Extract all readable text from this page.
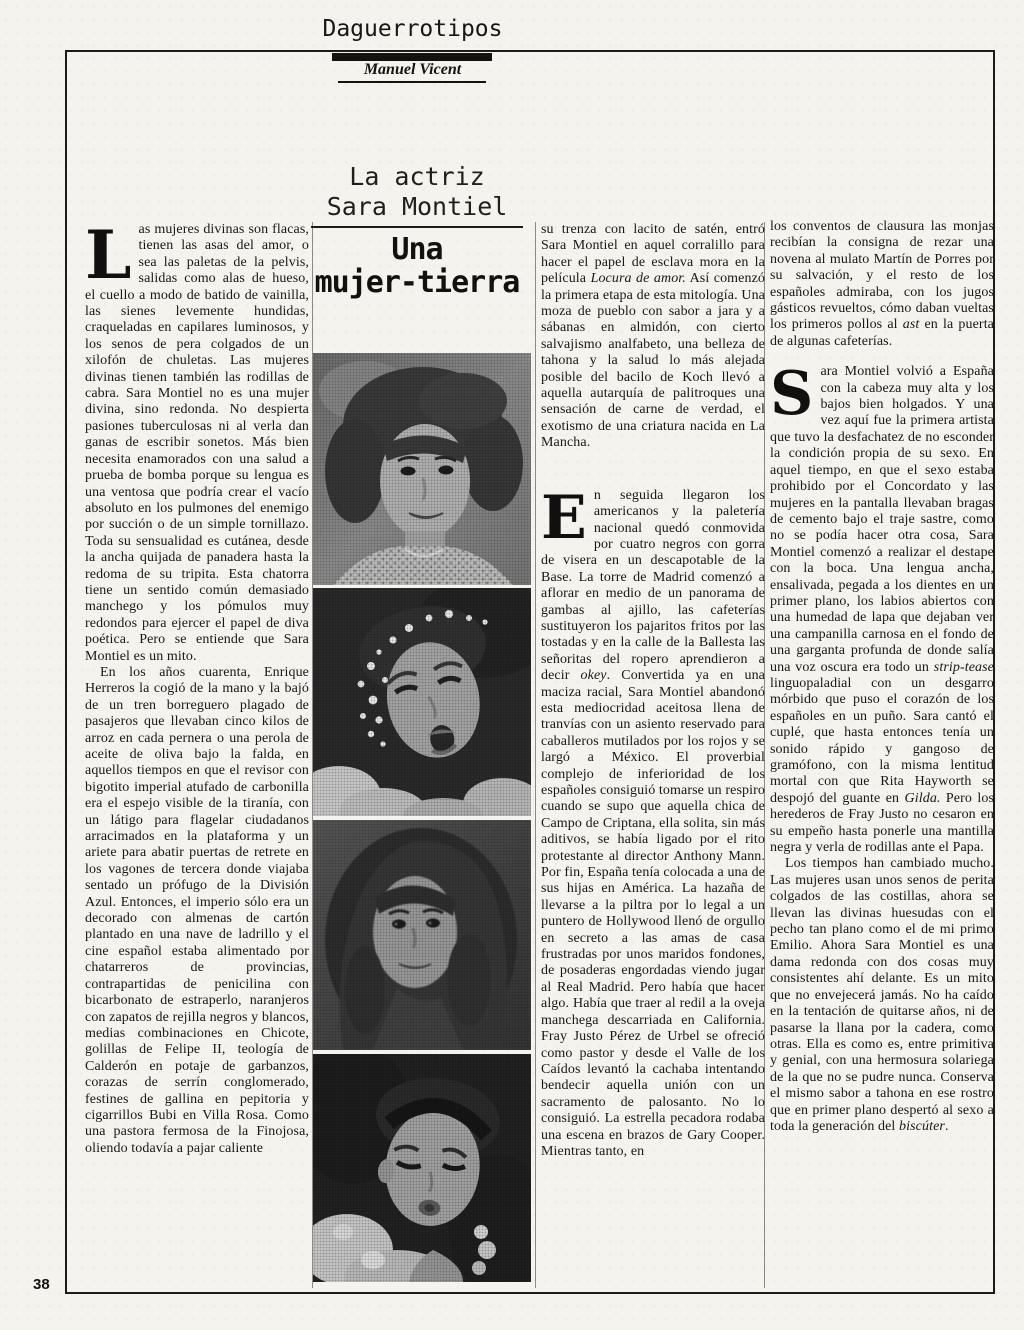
Daguerrotipos
Manuel Vicent
La actriz
Sara Montiel
Una
mujer-tierra

Las mujeres divinas son flacas, tienen las asas del amor, o sea las paletas de la pelvis, salidas como alas de hueso, el cuello a modo de batido de vainilla, las sienes levemente hundidas, craqueladas en capilares luminosos, y los senos de pera colgados de un xilofón de chuletas. Las mujeres divinas tienen también las rodillas de cabra. Sara Montiel no es una mujer divina, sino redonda. No despierta pasiones tuberculosas ni al verla dan ganas de escribir sonetos. Más bien necesita enamorados con una salud a prueba de bomba porque su lengua es una ventosa que podría crear el vacío absoluto en los pulmones del enemigo por succión o de un simple tornillazo. Toda su sensualidad es cutánea, desde la ancha quijada de panadera hasta la redoma de su tripita. Esta chatorra tiene un sentido común demasiado manchego y los pómulos muy redondos para ejercer el papel de diva poética. Pero se entiende que Sara Montiel es un mito.

En los años cuarenta, Enrique Herreros la cogió de la mano y la bajó de un tren borreguero plagado de pasajeros que llevaban cinco kilos de arroz en cada pernera o una perola de aceite de oliva bajo la falda, en aquellos tiempos en que el revisor con bigotito imperial atufado de carbonilla era el espejo visible de la tiranía, con un látigo para flagelar ciudadanos arracimados en la plataforma y un ariete para abatir puertas de retrete en los vagones de tercera donde viajaba sentado un prófugo de la División Azul. Entonces, el imperio sólo era un decorado con almenas de cartón plantado en una nave de ladrillo y el cine español estaba alimentado por chatarreros de provincias, contrapartidas de penicilina con bicarbonato de estraperlo, naranjeros con zapatos de rejilla negros y blancos, medias combinaciones en Chicote, golillas de Felipe II, teología de Calderón en potaje de garbanzos, corazas de serrín conglomerado, festines de gallina en pepitoria y cigarrillos Bubi en Villa Rosa. Como una pastora fermosa de la Finojosa, oliendo todavía a pajar caliente

su trenza con lacito de satén, entró Sara Montiel en aquel corralillo para hacer el papel de esclava mora en la película Locura de amor. Así comenzó la primera etapa de esta mitología. Una moza de pueblo con sabor a jara y a sábanas en almidón, con cierto salvajismo analfabeto, una belleza de tahona y la salud lo más alejada posible del bacilo de Koch llevó a aquella autarquía de palitroques una sensación de carne de verdad, el exotismo de una criatura nacida en La Mancha.

En seguida llegaron los americanos y la paletería nacional quedó conmovida por cuatro negros con gorra de visera en un descapotable de la Base. La torre de Madrid comenzó a aflorar en medio de un panorama de gambas al ajillo, las cafeterías sustituyeron los pajaritos fritos por las tostadas y en la calle de la Ballesta las señoritas del ropero aprendieron a decir okey. Convertida ya en una maciza racial, Sara Montiel abandonó esta mediocridad aceitosa llena de tranvías con un asiento reservado para caballeros mutilados por los rojos y se largó a México. El proverbial complejo de inferioridad de los españoles consiguió tomarse un respiro cuando se supo que aquella chica de Campo de Criptana, ella solita, sin más aditivos, se había ligado por el rito protestante al director Anthony Mann. Por fin, España tenía colocada a una de sus hijas en América. La hazaña de llevarse a la piltra por lo legal a un puntero de Hollywood llenó de orgullo en secreto a las amas de casa frustradas por unos maridos fondones, de posaderas engordadas viendo jugar al Real Madrid. Pero había que hacer algo. Había que traer al redil a la oveja manchega descarriada en California. Fray Justo Pérez de Urbel se ofreció como pastor y desde el Valle de los Caídos levantó la cachaba intentando bendecir aquella unión con un sacramento de palosanto. No lo consiguió. La estrella pecadora rodaba una escena en brazos de Gary Cooper. Mientras tanto, en

los conventos de clausura las monjas recibían la consigna de rezar una novena al mulato Martín de Porres por su salvación, y el resto de los españoles admiraba, con los jugos gásticos revueltos, cómo daban vueltas los primeros pollos al ast en la puerta de algunas cafeterías.

Sara Montiel volvió a España con la cabeza muy alta y los bajos bien holgados. Y una vez aquí fue la primera artista que tuvo la desfachatez de no esconder la condición propia de su sexo. En aquel tiempo, en que el sexo estaba prohibido por el Concordato y las mujeres en la pantalla llevaban bragas de cemento bajo el traje sastre, como no se podía hacer otra cosa, Sara Montiel comenzó a realizar el destape con la boca. Una lengua ancha, ensalivada, pegada a los dientes en un primer plano, los labios abiertos con una humedad de lapa que dejaban ver una campanilla carnosa en el fondo de una garganta profunda de donde salía una voz oscura era todo un strip-tease linguopaladial con un desgarro mórbido que puso el corazón de los españoles en un puño. Sara cantó el cuplé, que hasta entonces tenía un sonido rápido y gangoso de gramófono, con la misma lentitud mortal con que Rita Hayworth se despojó del guante en Gilda. Pero los herederos de Fray Justo no cesaron en su empeño hasta ponerle una mantilla negra y verla de rodillas ante el Papa.

Los tiempos han cambiado mucho. Las mujeres usan unos senos de perita colgados de las costillas, ahora se llevan las divinas huesudas con el pecho tan plano como el de mi primo Emilio. Ahora Sara Montiel es una dama redonda con dos cosas muy consistentes ahí delante. Es un mito que no envejecerá jamás. No ha caído en la tentación de quitarse años, ni de pasarse la llana por la cadera, como otras. Ella es como es, entre primitiva y genial, con una hermosura solariega de la que no se pudre nunca. Conserva el mismo sabor a tahona en ese rostro que en primer plano despertó al sexo a toda la generación del biscúter.

38
